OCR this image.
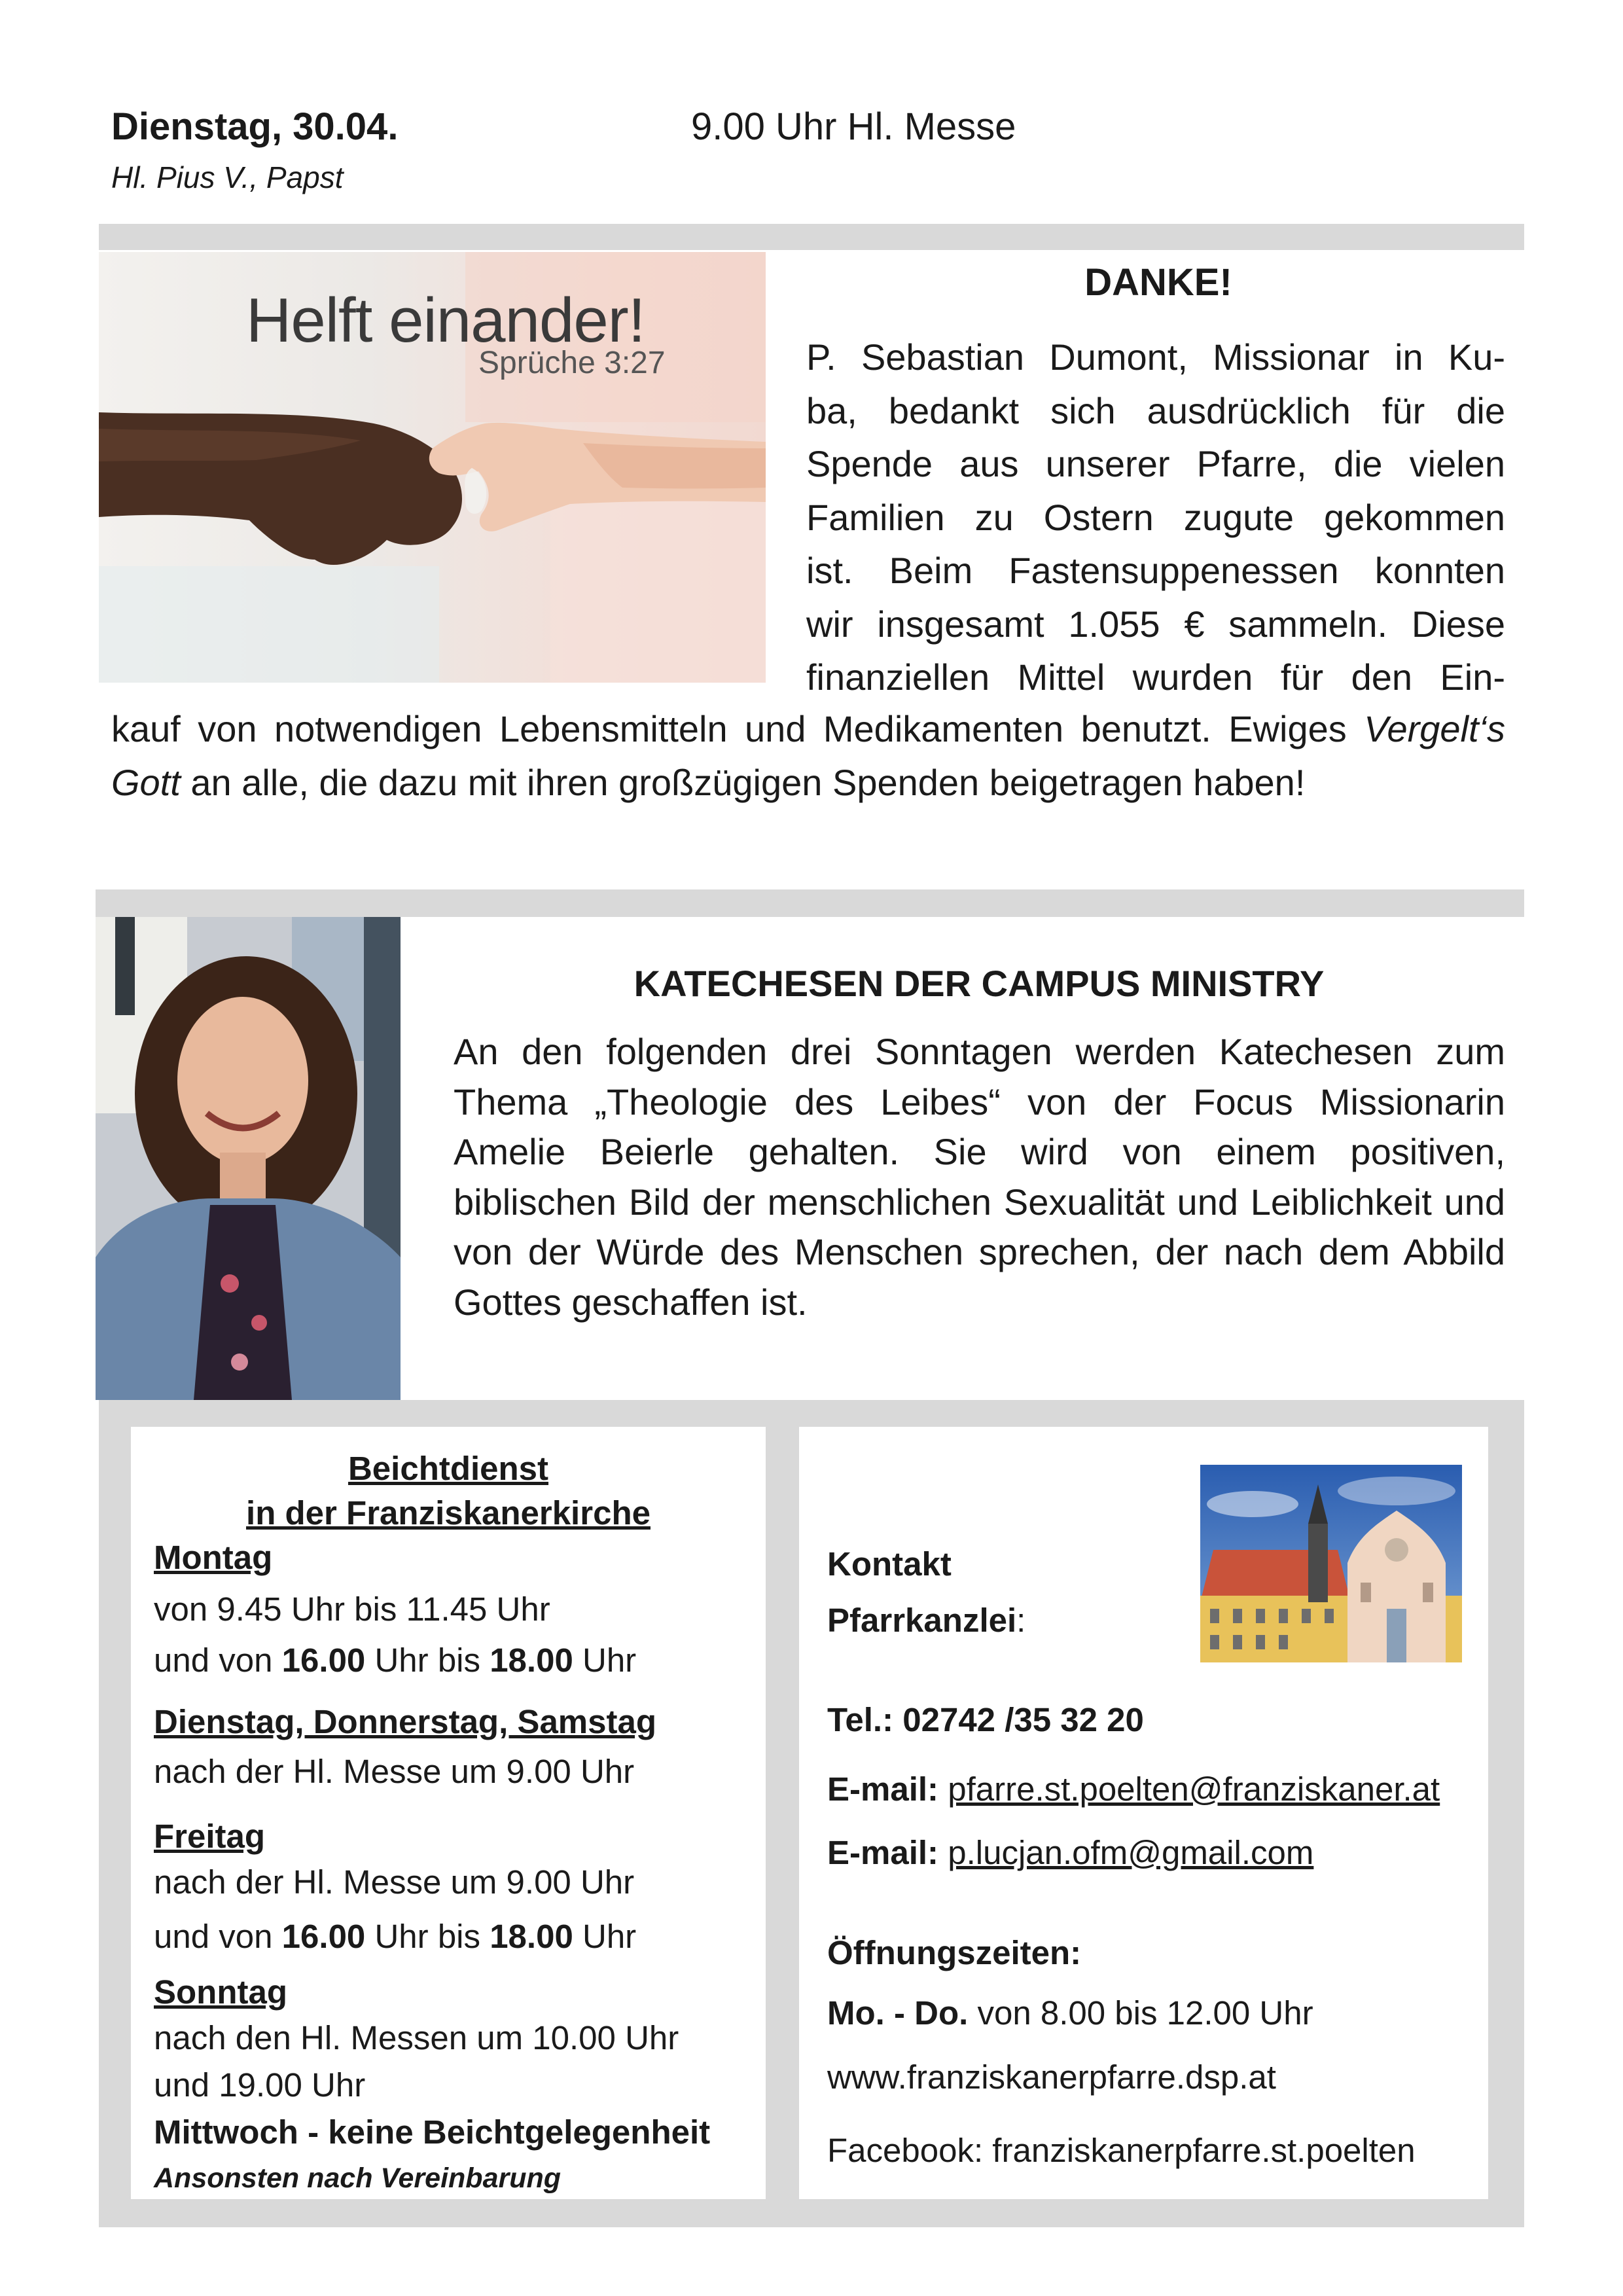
Dienstag, 30.04.
Hl. Pius V., Papst
9.00 Uhr Hl. Messe
Helft einander!
Sprüche 3:27
DANKE!

P. Sebastian Dumont, Missionar in Ku-

ba, bedankt sich ausdrücklich für die

Spende aus unserer Pfarre, die vielen

Familien zu Ostern zugute gekommen

ist. Beim Fastensuppenessen konnten

wir insgesamt 1.055 € sammeln. Diese

finanziellen Mittel wurden für den Ein-

kauf von notwendigen Lebensmitteln und Medikamenten benutzt. Ewiges Vergelt‘s Gott an alle, die dazu mit ihren großzügigen Spenden beigetragen haben!
KATECHESEN DER CAMPUS MINISTRY
An den folgenden drei Sonntagen werden Katechesen zum Thema „Theologie des Leibes“ von der Focus Missionarin Amelie Beierle gehalten. Sie wird von einem positiven, biblischen Bild der menschlichen Sexualität und Leiblichkeit und von der Würde des Menschen sprechen, der nach dem Abbild Gottes geschaffen ist.
Beichtdienst
in der Franziskanerkirche
Montag
von 9.45 Uhr bis 11.45 Uhr
und von 16.00 Uhr bis 18.00 Uhr
Dienstag, Donnerstag, Samstag
nach der Hl. Messe um 9.00 Uhr
Freitag
nach der Hl. Messe um 9.00 Uhr
und von 16.00 Uhr bis 18.00 Uhr
Sonntag
nach den Hl. Messen um 10.00 Uhr
und 19.00 Uhr
Mittwoch - keine Beichtgelegenheit
Ansonsten nach Vereinbarung
Kontakt
Pfarrkanzlei:
Tel.: 02742 /35 32 20
E-mail: pfarre.st.poelten@franziskaner.at
E-mail: p.lucjan.ofm@gmail.com
Öffnungszeiten:
Mo. - Do. von 8.00 bis 12.00 Uhr
www.franziskanerpfarre.dsp.at
Facebook: franziskanerpfarre.st.poelten
